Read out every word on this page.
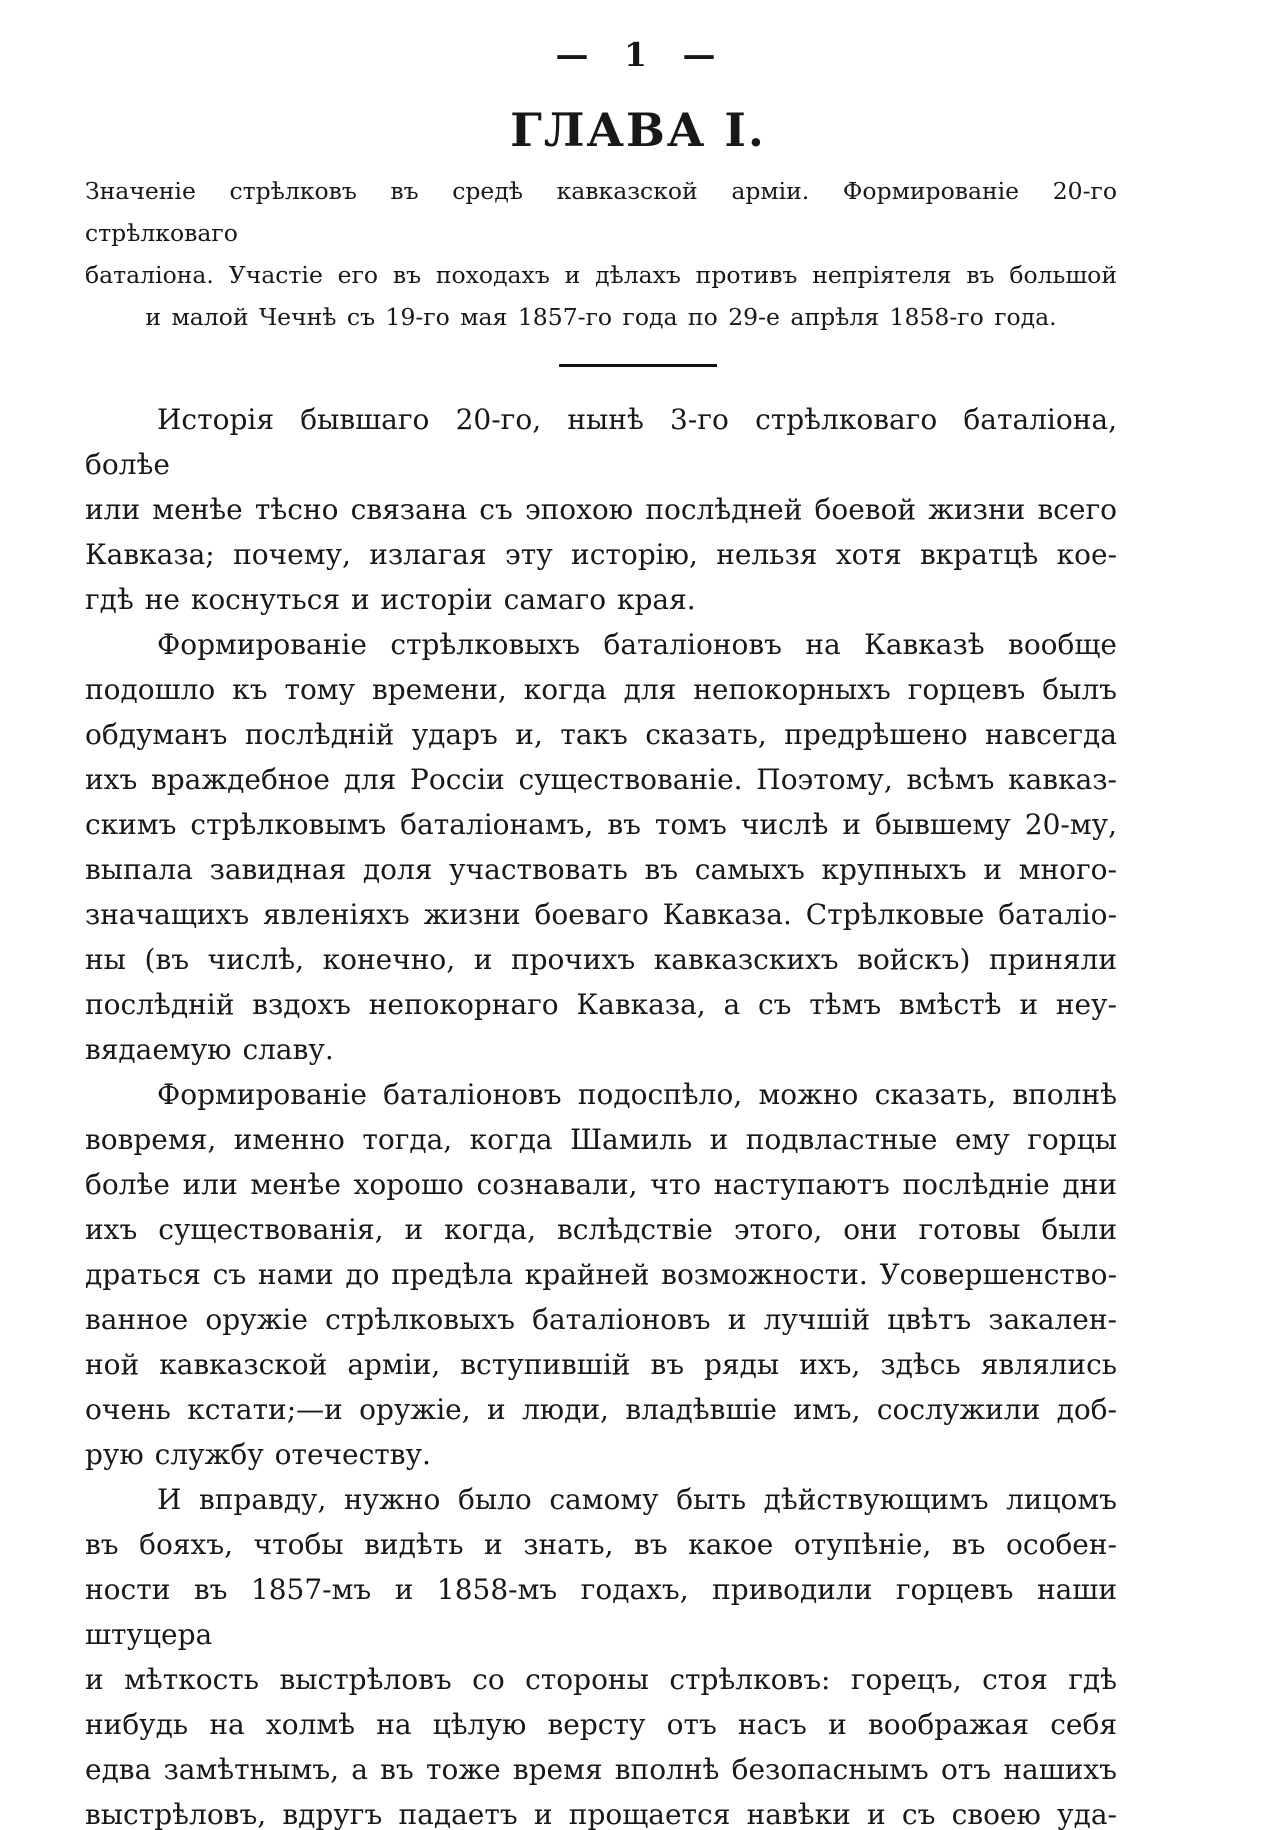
— 1 —
ГЛАВА I.
Значеніе стрѣлковъ въ средѣ кавказской арміи. Формированіе 20-го стрѣлковаго
баталіона. Участіе его въ походахъ и дѣлахъ противъ непріятеля въ большой
и малой Чечнѣ съ 19-го мая 1857-го года по 29-е апрѣля 1858-го года.
Исторія бывшаго 20-го, нынѣ 3-го стрѣлковаго баталіона, болѣе
или менѣе тѣсно связана съ эпохою послѣдней боевой жизни всего
Кавказа; почему, излагая эту исторію, нельзя хотя вкратцѣ кое-
гдѣ не коснуться и исторіи самаго края.
Формированіе стрѣлковыхъ баталіоновъ на Кавказѣ вообще
подошло къ тому времени, когда для непокорныхъ горцевъ былъ
обдуманъ послѣдній ударъ и, такъ сказать, предрѣшено навсегда
ихъ враждебное для Россіи существованіе. Поэтому, всѣмъ кавказ-
скимъ стрѣлковымъ баталіонамъ, въ томъ числѣ и бывшему 20-му,
выпала завидная доля участвовать въ самыхъ крупныхъ и много-
значащихъ явленіяхъ жизни боеваго Кавказа. Стрѣлковые баталіо-
ны (въ числѣ, конечно, и прочихъ кавказскихъ войскъ) приняли
послѣдній вздохъ непокорнаго Кавказа, а съ тѣмъ вмѣстѣ и неу-
вядаемую славу.
Формированіе баталіоновъ подоспѣло, можно сказать, вполнѣ
вовремя, именно тогда, когда Шамиль и подвластные ему горцы
болѣе или менѣе хорошо сознавали, что наступаютъ послѣдніе дни
ихъ существованія, и когда, вслѣдствіе этого, они готовы были
драться съ нами до предѣла крайней возможности. Усовершенство-
ванное оружіе стрѣлковыхъ баталіоновъ и лучшій цвѣтъ закален-
ной кавказской арміи, вступившій въ ряды ихъ, здѣсь являлись
очень кстати;—и оружіе, и люди, владѣвшіе имъ, сослужили доб-
рую службу отечеству.
И вправду, нужно было самому быть дѣйствующимъ лицомъ
въ бояхъ, чтобы видѣть и знать, въ какое отупѣніе, въ особен-
ности въ 1857-мъ и 1858-мъ годахъ, приводили горцевъ наши штуцера
и мѣткость выстрѣловъ со стороны стрѣлковъ: горецъ, стоя гдѣ
нибудь на холмѣ на цѣлую версту отъ насъ и воображая себя
едва замѣтнымъ, а въ тоже время вполнѣ безопаснымъ отъ нашихъ
выстрѣловъ, вдругъ падаетъ и прощается навѣки и съ своею уда-
